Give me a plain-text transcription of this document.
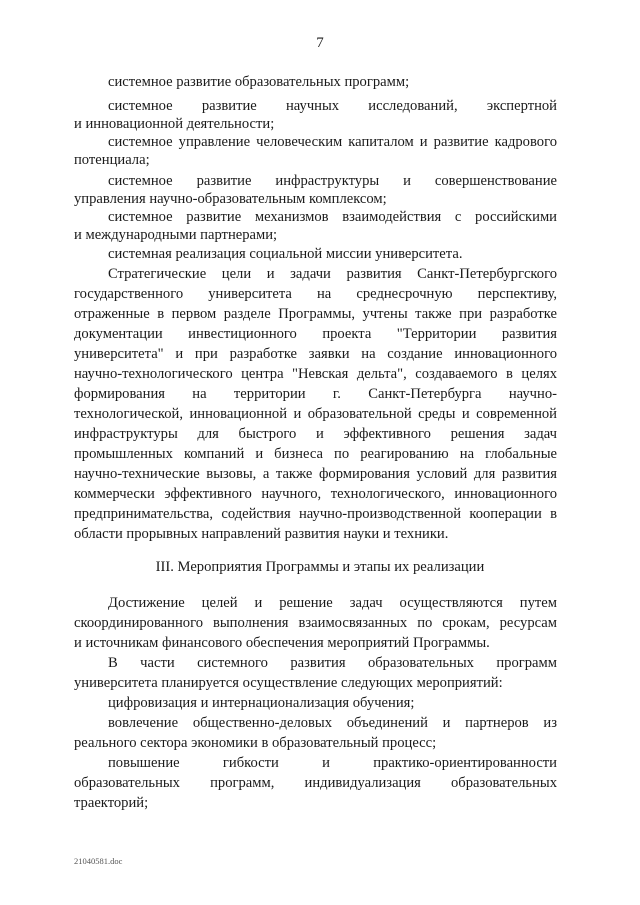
7
системное развитие образовательных программ;
системное развитие научных исследований, экспертной
и инновационной деятельности;
системное управление человеческим капиталом и развитие кадрового
потенциала;
системное развитие инфраструктуры и совершенствование
управления научно-образовательным комплексом;
системное развитие механизмов взаимодействия с российскими
и международными партнерами;
системная реализация социальной миссии университета.
Стратегические цели и задачи развития Санкт-Петербургского
государственного университета на среднесрочную перспективу,
отраженные в первом разделе Программы, учтены также при разработке
документации инвестиционного проекта "Территории развития
университета" и при разработке заявки на создание инновационного
научно-технологического центра "Невская дельта", создаваемого в целях
формирования на территории г. Санкт-Петербурга научно-
технологической, инновационной и образовательной среды и современной
инфраструктуры для быстрого и эффективного решения задач
промышленных компаний и бизнеса по реагированию на глобальные
научно-технические вызовы, а также формирования условий для развития
коммерчески эффективного научного, технологического, инновационного
предпринимательства, содействия научно-производственной кооперации в
области прорывных направлений развития науки и техники.
III. Мероприятия Программы и этапы их реализации
Достижение целей и решение задач осуществляются путем
скоординированного выполнения взаимосвязанных по срокам, ресурсам
и источникам финансового обеспечения мероприятий Программы.
В части системного развития образовательных программ
университета планируется осуществление следующих мероприятий:
цифровизация и интернационализация обучения;
вовлечение общественно-деловых объединений и партнеров из
реального сектора экономики в образовательный процесс;
повышение гибкости и практико-ориентированности
образовательных программ, индивидуализация образовательных
траекторий;
21040581.doc
